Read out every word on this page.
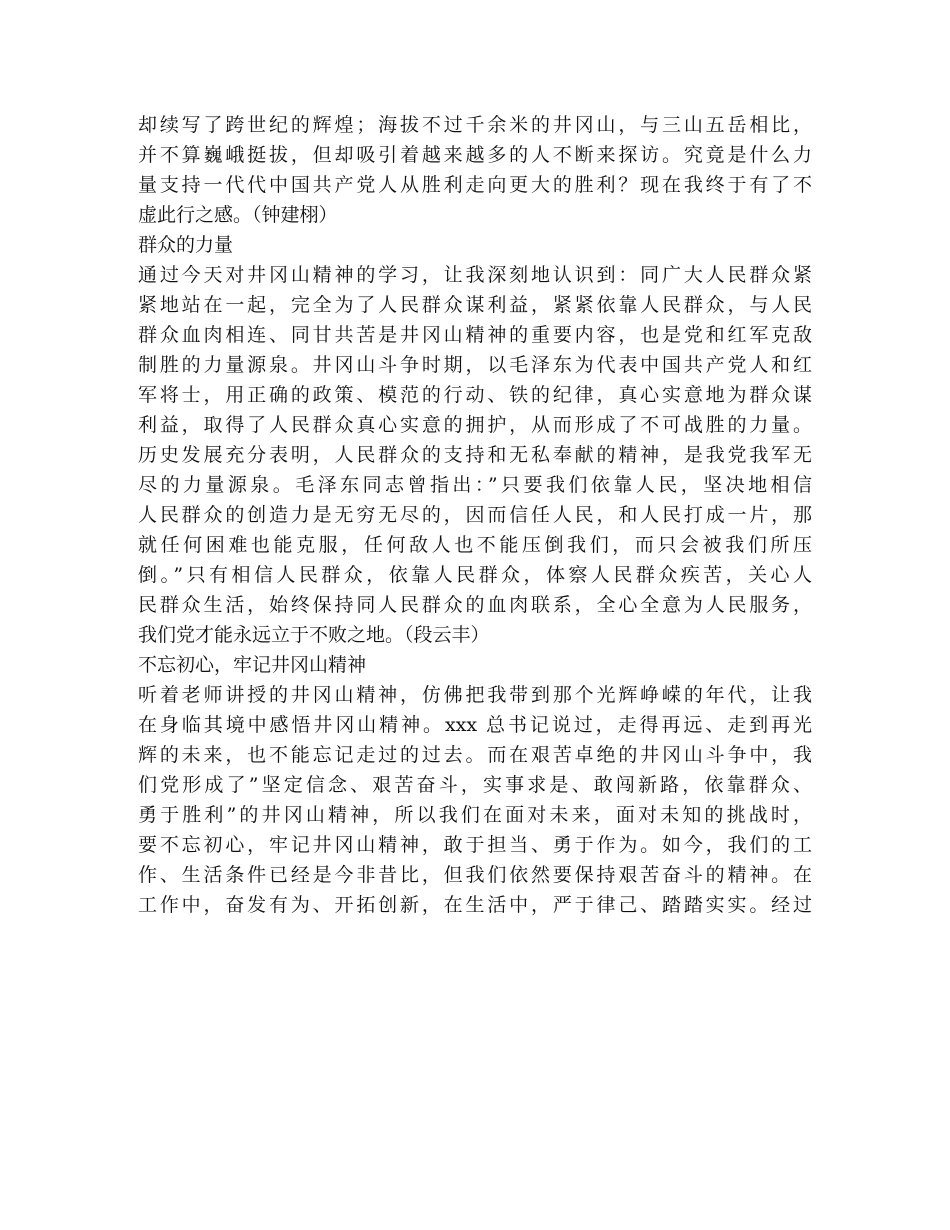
却续写了跨世纪的辉煌；海拔不过千余米的井冈山，与三山五岳相比，
并不算巍峨挺拔，但却吸引着越来越多的人不断来探访。究竟是什么力
量支持一代代中国共产党人从胜利走向更大的胜利？现在我终于有了不
虚此行之感。（钟建栩）
群众的力量
通过今天对井冈山精神的学习，让我深刻地认识到：同广大人民群众紧
紧地站在一起，完全为了人民群众谋利益，紧紧依靠人民群众，与人民
群众血肉相连、同甘共苦是井冈山精神的重要内容，也是党和红军克敌
制胜的力量源泉。井冈山斗争时期，以毛泽东为代表中国共产党人和红
军将士，用正确的政策、模范的行动、铁的纪律，真心实意地为群众谋
利益，取得了人民群众真心实意的拥护，从而形成了不可战胜的力量。
历史发展充分表明，人民群众的支持和无私奉献的精神，是我党我军无
尽的力量源泉。毛泽东同志曾指出：”只要我们依靠人民，坚决地相信
人民群众的创造力是无穷无尽的，因而信任人民，和人民打成一片，那
就任何困难也能克服，任何敌人也不能压倒我们，而只会被我们所压
倒。”只有相信人民群众，依靠人民群众，体察人民群众疾苦，关心人
民群众生活，始终保持同人民群众的血肉联系，全心全意为人民服务，
我们党才能永远立于不败之地。（段云丰）
不忘初心，牢记井冈山精神
听着老师讲授的井冈山精神，仿佛把我带到那个光辉峥嵘的年代，让我
在身临其境中感悟井冈山精神。xxx 总书记说过，走得再远、走到再光
辉的未来，也不能忘记走过的过去。而在艰苦卓绝的井冈山斗争中，我
们党形成了”坚定信念、艰苦奋斗，实事求是、敢闯新路，依靠群众、
勇于胜利”的井冈山精神，所以我们在面对未来，面对未知的挑战时，
要不忘初心，牢记井冈山精神，敢于担当、勇于作为。如今，我们的工
作、生活条件已经是今非昔比，但我们依然要保持艰苦奋斗的精神。在
工作中，奋发有为、开拓创新，在生活中，严于律己、踏踏实实。经过
